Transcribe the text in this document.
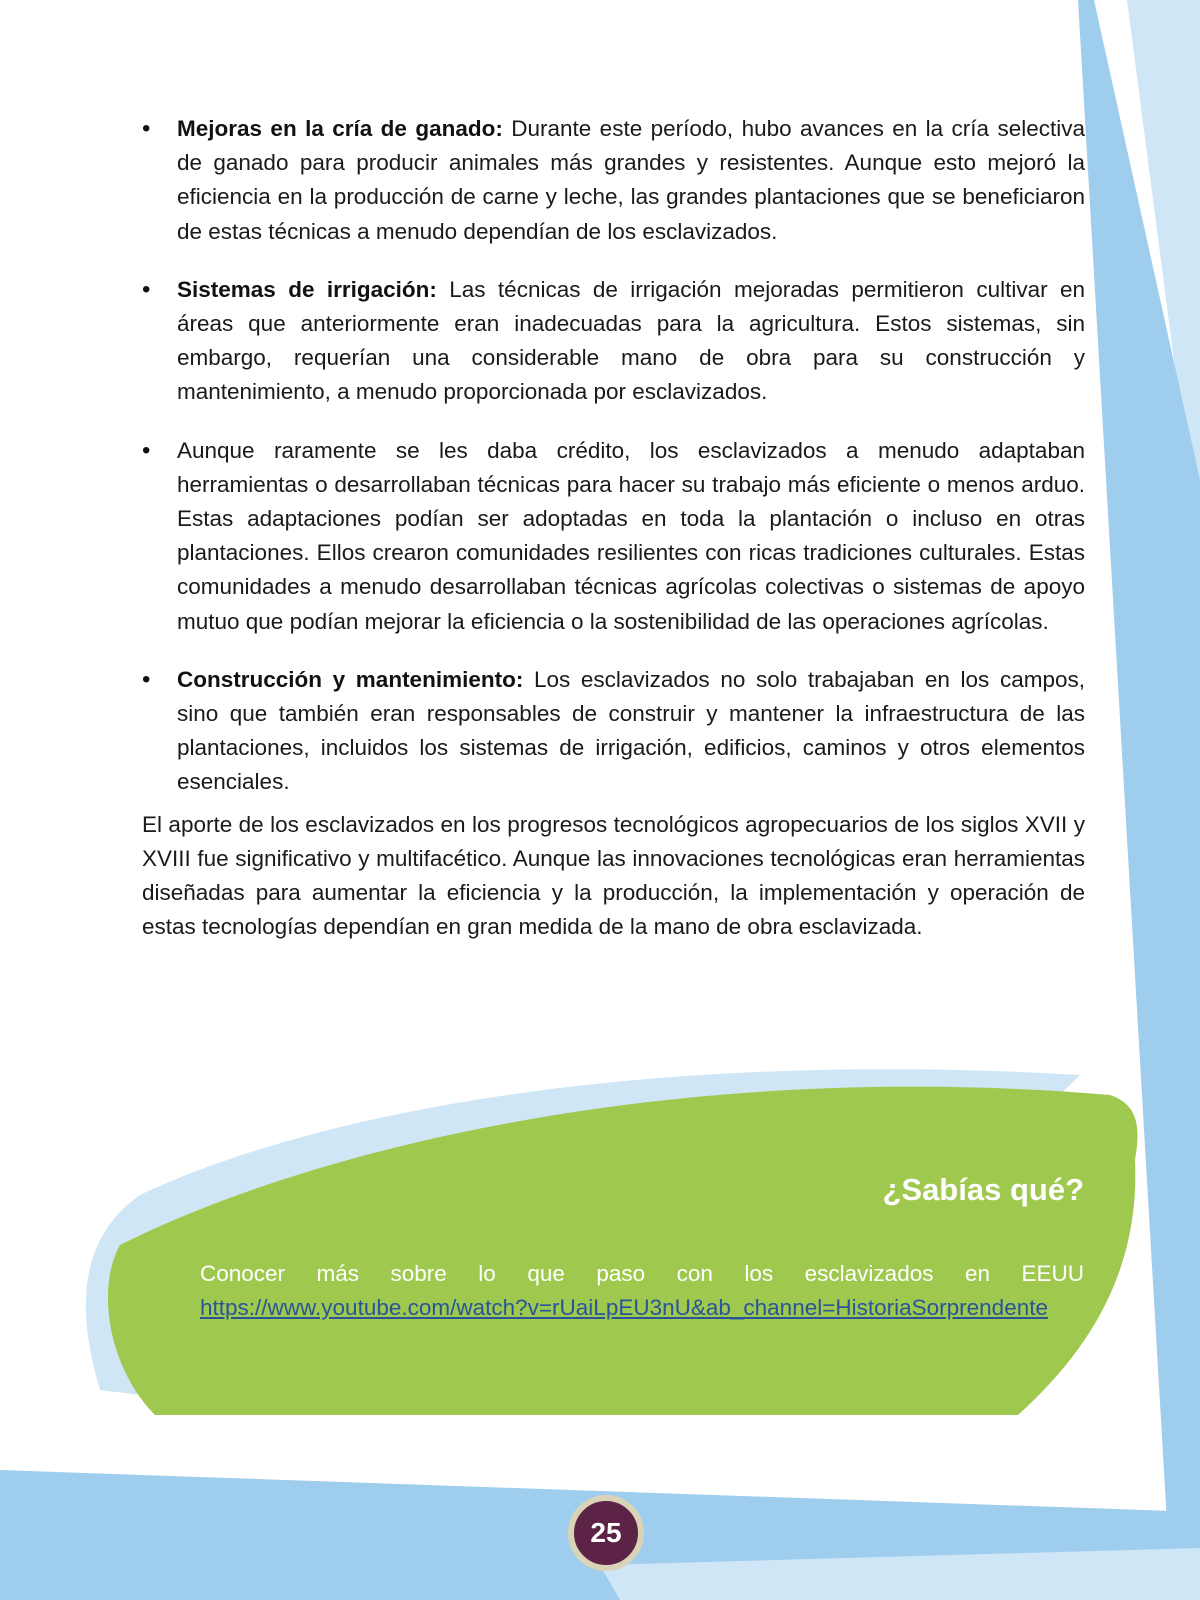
• Mejoras en la cría de ganado: Durante este período, hubo avances en la cría selectiva de ganado para producir animales más grandes y resistentes. Aunque esto mejoró la eficiencia en la producción de carne y leche, las grandes plantaciones que se beneficiaron de estas técnicas a menudo dependían de los esclavizados.
• Sistemas de irrigación: Las técnicas de irrigación mejoradas permitieron cultivar en áreas que anteriormente eran inadecuadas para la agricultura. Estos sistemas, sin embargo, requerían una considerable mano de obra para su construcción y mantenimiento, a menudo proporcionada por esclavizados.
• Aunque raramente se les daba crédito, los esclavizados a menudo adaptaban herramientas o desarrollaban técnicas para hacer su trabajo más eficiente o menos arduo. Estas adaptaciones podían ser adoptadas en toda la plantación o incluso en otras plantaciones. Ellos crearon comunidades resilientes con ricas tradiciones culturales. Estas comunidades a menudo desarrollaban técnicas agrícolas colectivas o sistemas de apoyo mutuo que podían mejorar la eficiencia o la sostenibilidad de las operaciones agrícolas.
• Construcción y mantenimiento: Los esclavizados no solo trabajaban en los campos, sino que también eran responsables de construir y mantener la infraestructura de las plantaciones, incluidos los sistemas de irrigación, edificios, caminos y otros elementos esenciales.

El aporte de los esclavizados en los progresos tecnológicos agropecuarios de los siglos XVII y XVIII fue significativo y multifacético. Aunque las innovaciones tecnológicas eran herramientas diseñadas para aumentar la eficiencia y la producción, la implementación y operación de estas tecnologías dependían en gran medida de la mano de obra esclavizada.

¿Sabías qué?

Conocer más sobre lo que paso con los esclavizados en EEUU https://www.youtube.com/watch?v=rUaiLpEU3nU&ab_channel=HistoriaSorprendente

25
